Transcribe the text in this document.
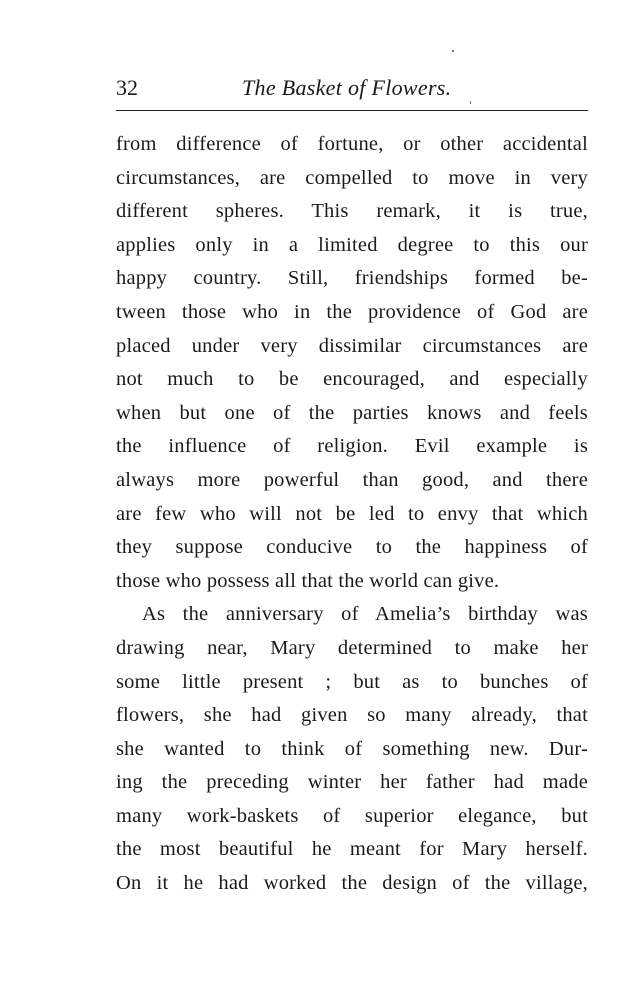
32	The Basket of Flowers.
from difference of fortune, or other accidental
circumstances, are compelled to move in very
different spheres. This remark, it is true,
applies only in a limited degree to this our
happy country. Still, friendships formed be-
tween those who in the providence of God are
placed under very dissimilar circumstances are
not much to be encouraged, and especially
when but one of the parties knows and feels
the influence of religion. Evil example is
always more powerful than good, and there
are few who will not be led to envy that which
they suppose conducive to the happiness of
those who possess all that the world can give.
As the anniversary of Amelia’s birthday was
drawing near, Mary determined to make her
some little present ; but as to bunches of
flowers, she had given so many already, that
she wanted to think of something new. Dur-
ing the preceding winter her father had made
many work-baskets of superior elegance, but
the most beautiful he meant for Mary herself.
On it he had worked the design of the village,
